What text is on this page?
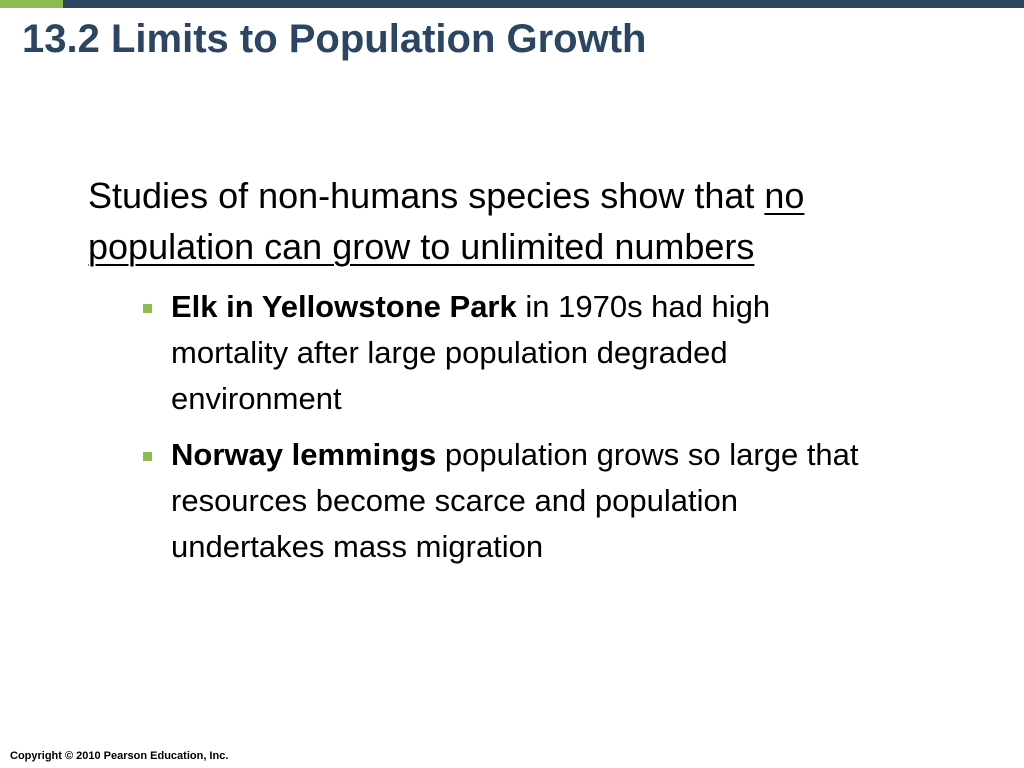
13.2 Limits to Population Growth

Studies of non-humans species show that no population can grow to unlimited numbers

Elk in Yellowstone Park in 1970s had high mortality after large population degraded environment
Norway lemmings population grows so large that resources become scarce and population undertakes mass migration
Copyright © 2010 Pearson Education, Inc.
